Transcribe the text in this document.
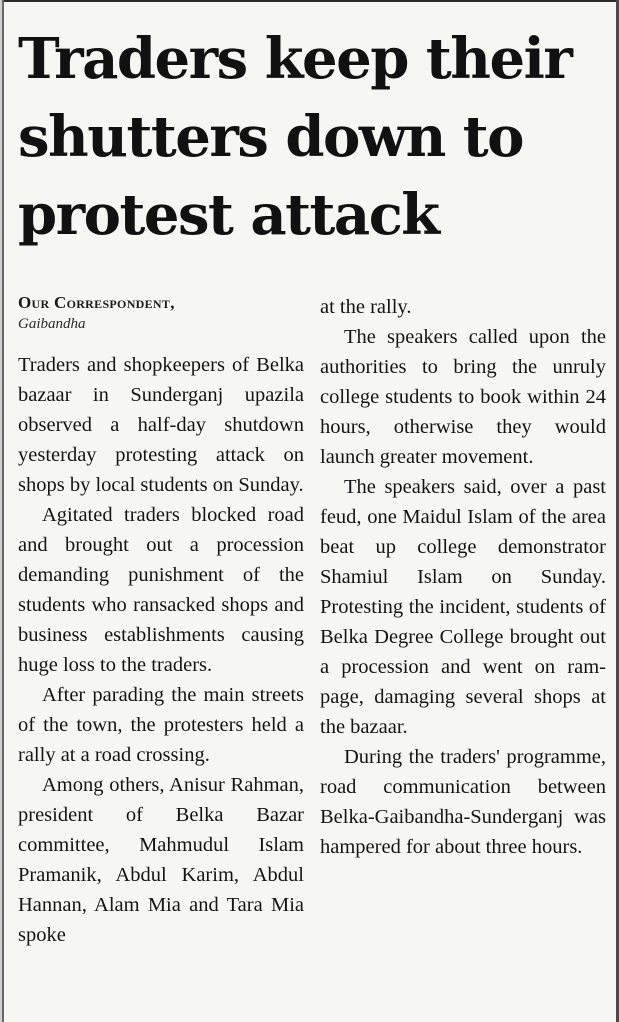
Traders keep their
shutters down to
protest attack

Our Correspondent,

Gaibandha

Traders and shopkeepers of Belka bazaar in Sunderganj upazila observed a half-day shutdown yesterday protesting attack on shops by local students on Sunday.

Agitated traders blocked road and brought out a procession demanding punishment of the students who ransacked shops and business establishments causing huge loss to the traders.

After parading the main streets of the town, the protesters held a rally at a road crossing.

Among others, Anisur Rahman, president of Belka Bazar committee, Mahmudul Islam Pramanik, Abdul Karim, Abdul Hannan, Alam Mia and Tara Mia spoke

at the rally.

The speakers called upon the authorities to bring the unruly college students to book within 24 hours, otherwise they would launch greater movement.

The speakers said, over a past feud, one Maidul Islam of the area beat up college demonstrator Shamiul Islam on Sunday. Protesting the incident, students of Belka Degree College brought out a procession and went on rampage, damaging several shops at the bazaar.

During the traders' programme, road communication between Belka-Gaibandha-Sunderganj was hampered for about three hours.
